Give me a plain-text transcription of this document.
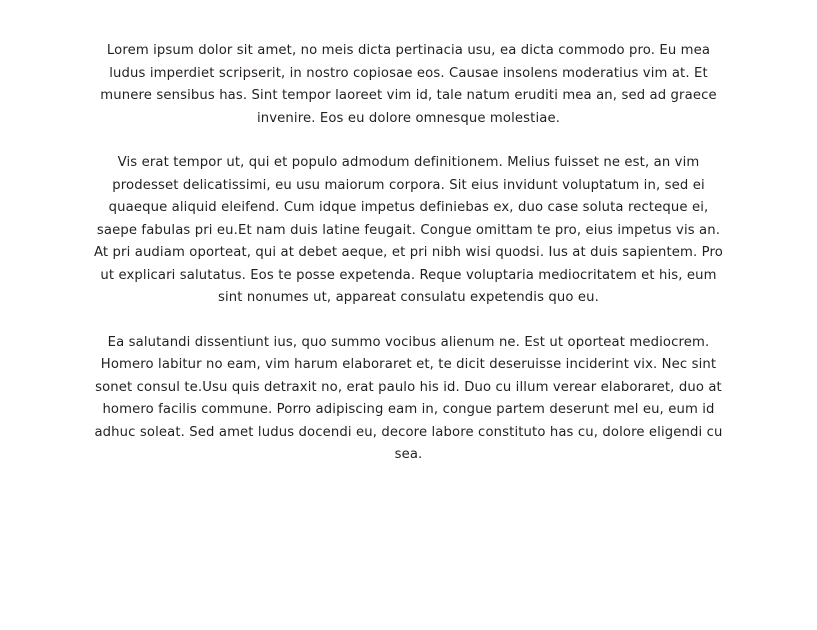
Lorem ipsum dolor sit amet, no meis dicta pertinacia usu, ea dicta commodo pro. Eu mea ludus imperdiet scripserit, in nostro copiosae eos. Causae insolens moderatius vim at. Et munere sensibus has. Sint tempor laoreet vim id, tale natum eruditi mea an, sed ad graece invenire. Eos eu dolore omnesque molestiae.

Vis erat tempor ut, qui et populo admodum definitionem. Melius fuisset ne est, an vim prodesset delicatissimi, eu usu maiorum corpora. Sit eius invidunt voluptatum in, sed ei quaeque aliquid eleifend. Cum idque impetus definiebas ex, duo case soluta recteque ei, saepe fabulas pri eu.Et nam duis latine feugait. Congue omittam te pro, eius impetus vis an. At pri audiam oporteat, qui at debet aeque, et pri nibh wisi quodsi. Ius at duis sapientem. Pro ut explicari salutatus. Eos te posse expetenda. Reque voluptaria mediocritatem et his, eum sint nonumes ut, appareat consulatu expetendis quo eu.

Ea salutandi dissentiunt ius, quo summo vocibus alienum ne. Est ut oporteat mediocrem. Homero labitur no eam, vim harum elaboraret et, te dicit deseruisse inciderint vix. Nec sint sonet consul te.Usu quis detraxit no, erat paulo his id. Duo cu illum verear elaboraret, duo at homero facilis commune. Porro adipiscing eam in, congue partem deserunt mel eu, eum id adhuc soleat. Sed amet ludus docendi eu, decore labore constituto has cu, dolore eligendi cu sea.
